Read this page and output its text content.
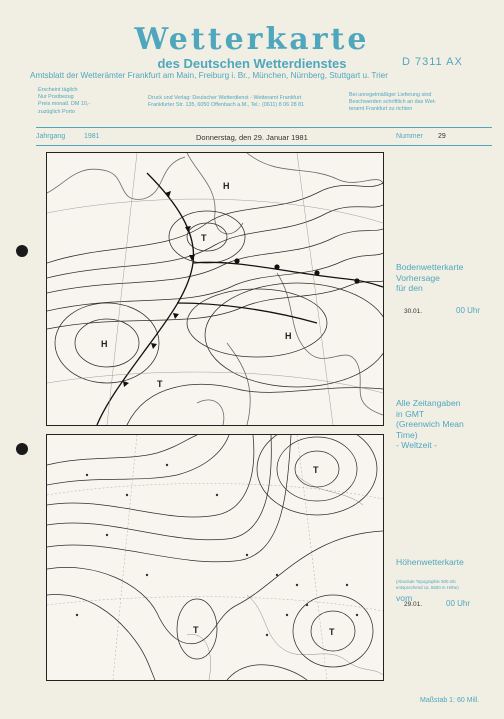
Wetterkarte
des Deutschen Wetterdienstes	D 7311 AX
Amtsblatt der Wetterämter Frankfurt am Main, Freiburg i. Br., München, Nürnberg, Stuttgart u. Trier
Erscheint täglich
Nur Postbezug
Preis monatl. DM 10,-
zuzüglich Porto
Druck und Verlag: Deutscher Wetterdienst - Wetteramt Frankfurt
Frankfurter Str. 135, 6050 Offenbach a.M., Tel.: (0611) 8 06 28 81
Bei unregelmäßiger Lieferung sind
Beschwerden schriftlich an das Wet-
teramt Frankfurt zu richten
Jahrgang	1981	Donnerstag, den 29. Januar 1981	Nummer 29
H
T
H
T
H
T
T	T
Bodenwetterkarte
Vorhersage
für den
30.01.	00 Uhr
Alle Zeitangaben
in GMT
(Greenwich Mean
Time)
- Weltzeit -
Höhenwetterkarte
(Absolute Topographie 500 mb
entsprechend ca. 5500 m Höhe)
vom
29.01.	00 Uhr
Maßstab 1: 60 Mill.
